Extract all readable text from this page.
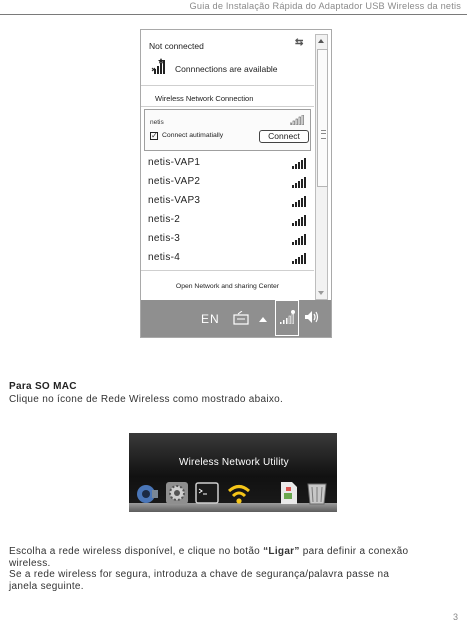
Guia de Instalação Rápida do Adaptador USB Wireless da netis
Not connected	⇆
Connnections are available
Wireless Network Connection
netis
✓ Connect autimatially	Connect
netis-VAP1
netis-VAP2
netis-VAP3
netis-2
netis-3
netis-4
Open Network and sharing Center
EN
Para SO MAC
Clique no ícone de Rede Wireless como mostrado abaixo.
Wireless Network Utility
Escolha a rede wireless disponível, e clique no botão “Ligar” para definir a conexão wireless.
Se a rede wireless for segura, introduza a chave de segurança/palavra passe na janela seguinte.
3
